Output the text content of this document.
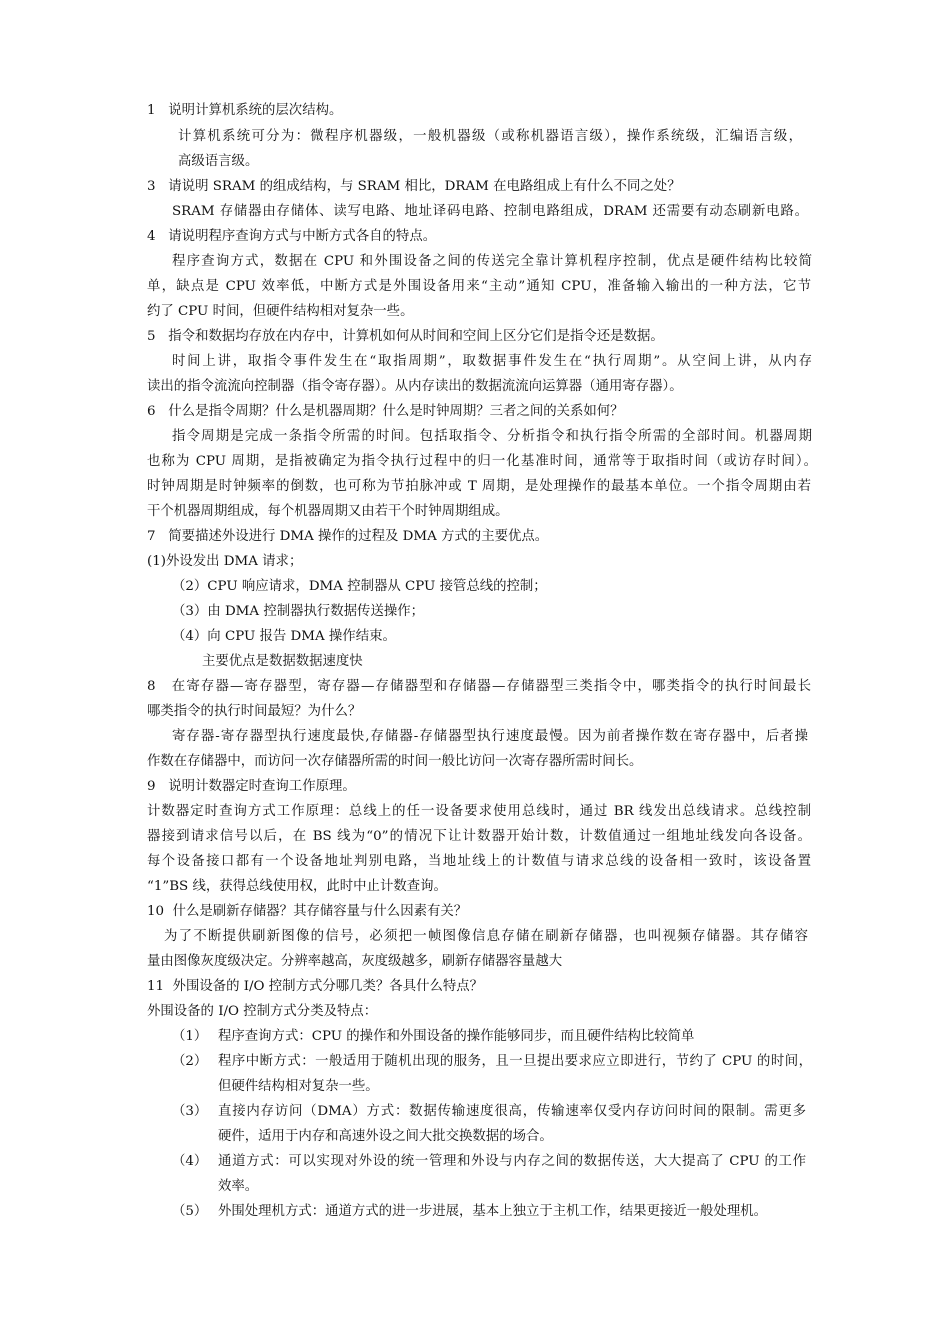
1   说明计算机系统的层次结构。

计算机系统可分为：微程序机器级，一般机器级（或称机器语言级），操作系统级，汇编语言级，

高级语言级。

3   请说明 SRAM 的组成结构，与 SRAM 相比，DRAM 在电路组成上有什么不同之处？

SRAM 存储器由存储体、读写电路、地址译码电路、控制电路组成，DRAM 还需要有动态刷新电路。

4   请说明程序查询方式与中断方式各自的特点。

程序查询方式，数据在 CPU 和外围设备之间的传送完全靠计算机程序控制，优点是硬件结构比较简

单，缺点是 CPU 效率低，中断方式是外围设备用来“主动”通知 CPU，准备输入输出的一种方法，它节

约了 CPU 时间，但硬件结构相对复杂一些。

5   指令和数据均存放在内存中，计算机如何从时间和空间上区分它们是指令还是数据。

时间上讲，取指令事件发生在“取指周期”，取数据事件发生在“执行周期”。从空间上讲，从内存

读出的指令流流向控制器（指令寄存器）。从内存读出的数据流流向运算器（通用寄存器）。

6   什么是指令周期？什么是机器周期？什么是时钟周期？三者之间的关系如何？

指令周期是完成一条指令所需的时间。包括取指令、分析指令和执行指令所需的全部时间。机器周期

也称为 CPU 周期，是指被确定为指令执行过程中的归一化基准时间，通常等于取指时间（或访存时间）。

时钟周期是时钟频率的倒数，也可称为节拍脉冲或 T 周期，是处理操作的最基本单位。一个指令周期由若

干个机器周期组成，每个机器周期又由若干个时钟周期组成。

7   简要描述外设进行 DMA 操作的过程及 DMA 方式的主要优点。

(1)外设发出 DMA 请求；

（2）CPU 响应请求，DMA 控制器从 CPU 接管总线的控制；

（3）由 DMA 控制器执行数据传送操作；

（4）向 CPU 报告 DMA 操作结束。

主要优点是数据数据速度快

8   在寄存器—寄存器型，寄存器—存储器型和存储器—存储器型三类指令中，哪类指令的执行时间最长

哪类指令的执行时间最短？为什么？

寄存器-寄存器型执行速度最快,存储器-存储器型执行速度最慢。因为前者操作数在寄存器中，后者操

作数在存储器中，而访问一次存储器所需的时间一般比访问一次寄存器所需时间长。

9   说明计数器定时查询工作原理。

计数器定时查询方式工作原理：总线上的任一设备要求使用总线时，通过 BR 线发出总线请求。总线控制

器接到请求信号以后，在 BS 线为“0”的情况下让计数器开始计数，计数值通过一组地址线发向各设备。

每个设备接口都有一个设备地址判别电路，当地址线上的计数值与请求总线的设备相一致时，该设备置

“1”BS 线，获得总线使用权，此时中止计数查询。

10  什么是刷新存储器？其存储容量与什么因素有关？

为了不断提供刷新图像的信号，必须把一帧图像信息存储在刷新存储器，也叫视频存储器。其存储容

量由图像灰度级决定。分辨率越高，灰度级越多，刷新存储器容量越大

11  外围设备的 I/O 控制方式分哪几类？各具什么特点？

外围设备的 I/O 控制方式分类及特点：

（1） 程序查询方式：CPU 的操作和外围设备的操作能够同步，而且硬件结构比较简单
（2） 程序中断方式：一般适用于随机出现的服务，且一旦提出要求应立即进行，节约了 CPU 的时间，
但硬件结构相对复杂一些。
（3） 直接内存访问（DMA）方式：数据传输速度很高，传输速率仅受内存访问时间的限制。需更多
硬件，适用于内存和高速外设之间大批交换数据的场合。
（4） 通道方式：可以实现对外设的统一管理和外设与内存之间的数据传送，大大提高了 CPU 的工作
效率。
（5） 外围处理机方式：通道方式的进一步进展，基本上独立于主机工作，结果更接近一般处理机。
